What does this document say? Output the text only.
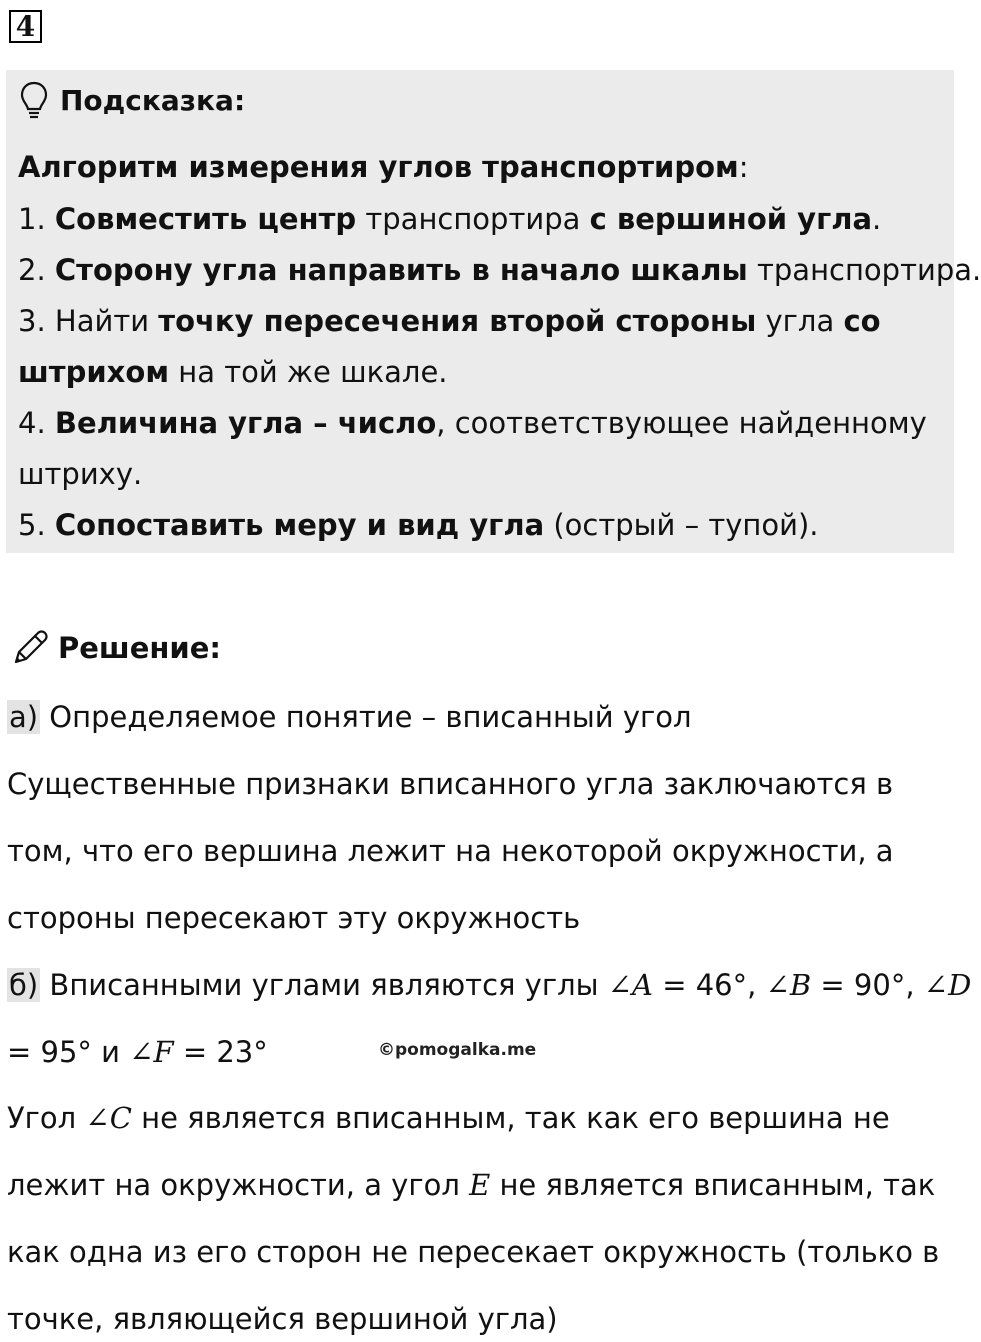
4
Подсказка:
Алгоритм измерения углов транспортиром:
1. Совместить центр транспортира с вершиной угла.
2. Сторону угла направить в начало шкалы транспортира.
3. Найти точку пересечения второй стороны угла со
штрихом на той же шкале.
4. Величина угла – число, соответствующее найденному
штриху.
5. Сопоставить меру и вид угла (острый – тупой).
Решение:
а) Определяемое понятие – вписанный угол
Существенные признаки вписанного угла заключаются в
том, что его вершина лежит на некоторой окружности, а
стороны пересекают эту окружность
б) Вписанными углами являются углы ∠𝐴 = 46°, ∠𝐵 = 90°, ∠𝐷
= 95° и ∠𝐹 = 23°	©pomogalka.me
Угол ∠𝐶 не является вписанным, так как его вершина не
лежит на окружности, а угол 𝐸 не является вписанным, так
как одна из его сторон не пересекает окружность (только в
точке, являющейся вершиной угла)
